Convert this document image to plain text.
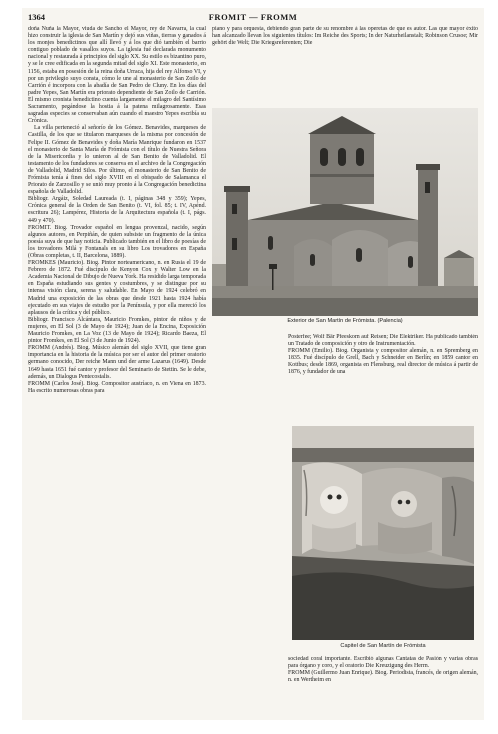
1364	FROMIT — FROMM

doña Nuña la Mayor, viuda de Sancho el Mayor, rey de Navarra, la cual hizo construir la iglesia de San Martín y dejó sus viñas, tierras y ganados á los monjes benedictinos que allí llevó y á los que dió también el barrio contiguo poblado de vasallos suyos. La iglesia fué declarada monumento nacional y restaurada á principios del siglo XX. Su estilo es bizantino puro, y se le cree edificada en la segunda mitad del siglo XI. Este monasterio, en 1156, estaba en posesión de la reina doña Urraca, hija del rey Alfonso VI, y por un privilegio suyo consta, cómo le une al monasterio de San Zoilo de Carrión é incorpora con la abadía de San Pedro de Cluny. En los días del padre Yepes, San Martín era priorato dependiente de San Zoilo de Carrión. El mismo cronista benedictino cuenta largamente el milagro del Santísimo Sacramento, pegándose la hostia á la patena milagrosamente. Esas sagradas especies se conservaban aún cuando el maestro Yepes escribía su Crónica.

La villa perteneció al señorío de los Gómez. Benavides, marqueses de Castilla, de los que se titularon marqueses de la misma por concesión de Felipe II. Gómez de Benavides y doña María Manrique fundaron en 1537 el monasterio de Santa María de Frómista con el título de Nuestra Señora de la Misericordia y lo unieron al de San Benito de Valladolid. El testamento de los fundadores se conserva en el archivo de la Congregación de Valladolid, Madrid Silos. Por último, el monasterio de San Benito de Frómista tenía á fines del siglo XVIII en el obispado de Salamanca el Priorato de Zarzosillo y se unió muy pronto á la Congregación benedictina española de Valladolid.

Bibliogr. Argáiz, Soledad Laureada (t. I, páginas 348 y 359); Yepes, Crónica general de la Orden de San Benito (t. VI, fol. 85; t. IV, Apénd. escritura 26); Lampérez, Historia de la Arquitectura española (t. I, págs. 449 y 470).

FROMIT. Biog. Trovador español en lengua provenzal, nacido, según algunos autores, en Perpiñán, de quien subsiste un fragmento de la única poesía suya de que hay noticia. Publicado también en el libro de poesías de los trovadores Milá y Fontanals en su libro Los trovadores en España (Obras completas, t. II, Barcelona, 1889).

FROMKES (Mauricio). Biog. Pintor norteamericano, n. en Rusia el 19 de Febrero de 1872. Fué discípulo de Kenyon Cox y Walter Low en la Academia Nacional de Dibujo de Nueva York. Ha residido larga temporada en España estudiando sus gentes y costumbres, y se distingue por su intensa visión clara, serena y saludable. En Mayo de 1924 celebró en Madrid una exposición de las obras que desde 1921 hasta 1924 había ejecutado en sus viajes de estudio por la Península, y por ella mereció los aplausos de la crítica y del público.

Bibliogr. Francisco Alcántara, Mauricio Fromkes, pintor de niños y de mujeres, en El Sol (3 de Mayo de 1924); Juan de la Encina, Exposición Mauricio Fromkes, en La Voz (13 de Mayo de 1924); Ricardo Baeza, El pintor Fromkes, en El Sol (3 de Junio de 1924).

FROMM (Andrés). Biog. Músico alemán del siglo XVII, que tiene gran importancia en la historia de la música por ser el autor del primer oratorio germano conocido, Der reiche Mann und der arme Lazarus (1649). Desde 1649 hasta 1651 fué cantor y profesor del Seminario de Stettin. Se le debe, además, un Dialogus Pentecostalis.

FROMM (Carlos José). Biog. Compositor austríaco, n. en Viena en 1873. Ha escrito numerosas obras para

piano y para orquesta, debiendo gran parte de su renombre á las operetas de que es autor. Las que mayor éxito han alcanzado llevan los siguientes títulos: Im Reiche des Sports; In der Naturheilanstalt; Robinson Crusoe; Mir gehört die Welt; Die Kriegsreferenten; Die

Exterior de San Martín de Frómista. (Palencia)

Posterfee; Wolf Bär Pfeeskorn auf Reisen; Die Elektriker. Ha publicado también un Tratado de composición y otro de Instrumentación.

FROMM (Emilio). Biog. Organista y compositor alemán, n. en Spremberg en 1835. Fué discípulo de Grell, Bach y Schneider en Berlín; en 1859 cantor en Kottbus; desde 1869, organista en Flensburg, real director de música á partir de 1876, y fundador de una

Capitel de San Martín de Frómista

sociedad coral importante. Escribió algunas Cantatas de Pasión y varias obras para órgano y coro, y el oratorio Die Kreuzigung des Herrn.

FROMM (Guillermo Juan Enrique). Biog. Periodista, francés, de origen alemán, n. en Wertheim en
